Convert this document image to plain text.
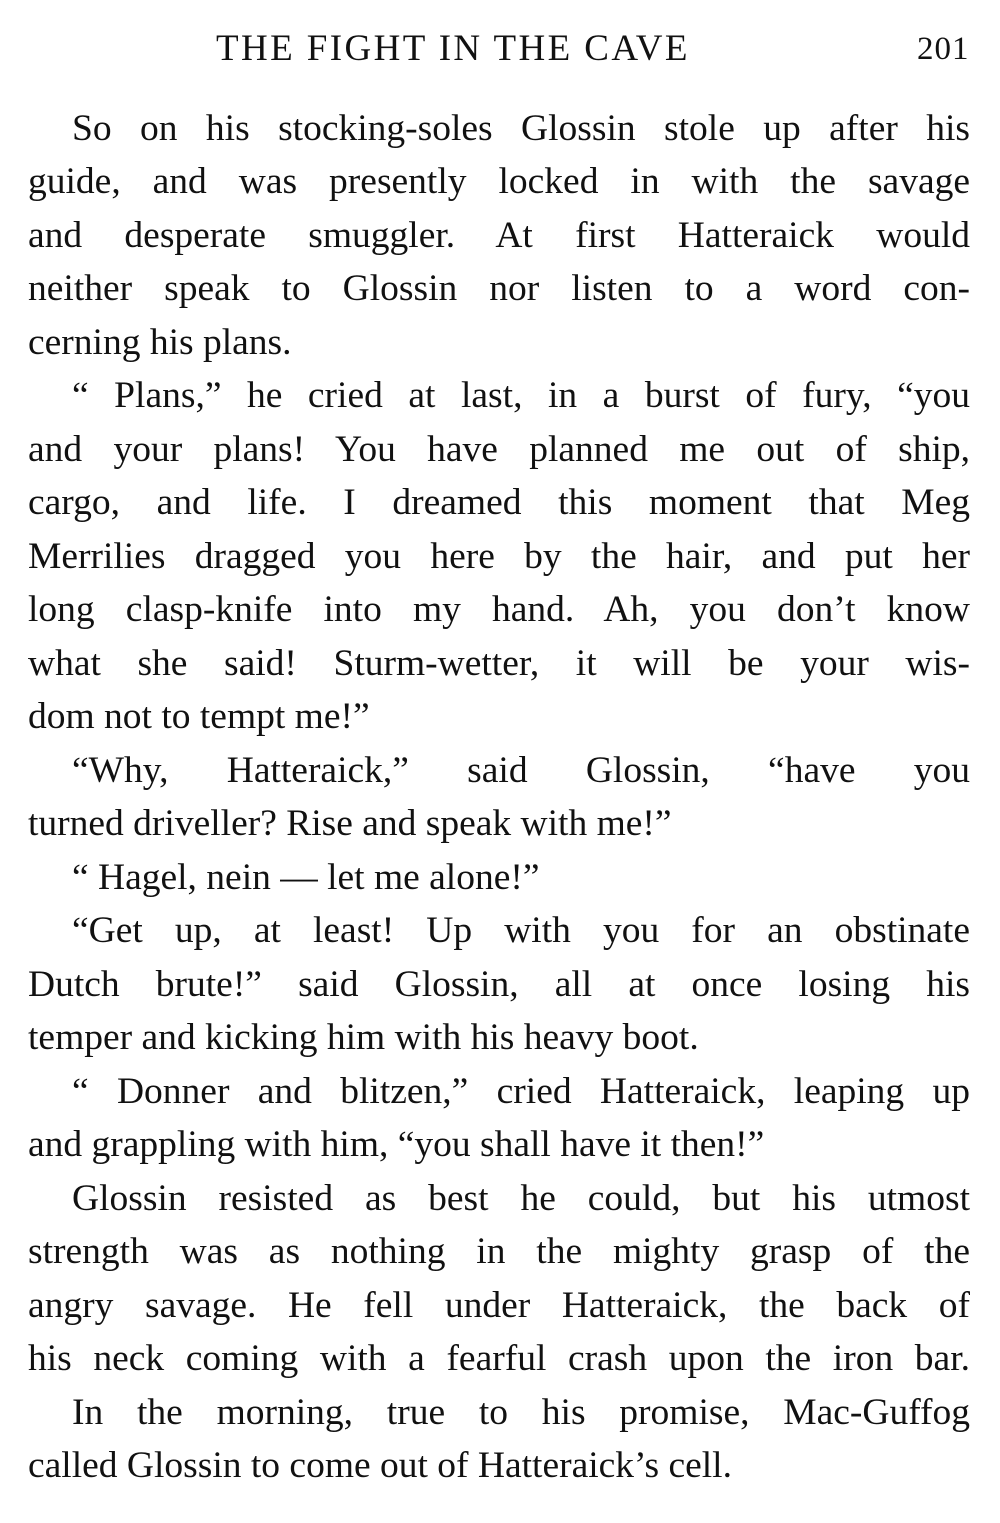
THE FIGHT IN THE CAVE	201
So on his stocking-soles Glossin stole up after his
guide, and was presently locked in with the savage
and desperate smuggler. At first Hatteraick would
neither speak to Glossin nor listen to a word con-
cerning his plans.
“ Plans,” he cried at last, in a burst of fury, “you
and your plans! You have planned me out of ship,
cargo, and life. I dreamed this moment that Meg
Merrilies dragged you here by the hair, and put her
long clasp-knife into my hand. Ah, you don’t know
what she said! Sturm-wetter, it will be your wis-
dom not to tempt me!”
“Why, Hatteraick,” said Glossin, “have you
turned driveller? Rise and speak with me!”
“ Hagel, nein — let me alone!”
“Get up, at least! Up with you for an obstinate
Dutch brute!” said Glossin, all at once losing his
temper and kicking him with his heavy boot.
“ Donner and blitzen,” cried Hatteraick, leaping up
and grappling with him, “you shall have it then!”
Glossin resisted as best he could, but his utmost
strength was as nothing in the mighty grasp of the
angry savage. He fell under Hatteraick, the back of
his neck coming with a fearful crash upon the iron bar.
In the morning, true to his promise, Mac-Guffog
called Glossin to come out of Hatteraick’s cell.
